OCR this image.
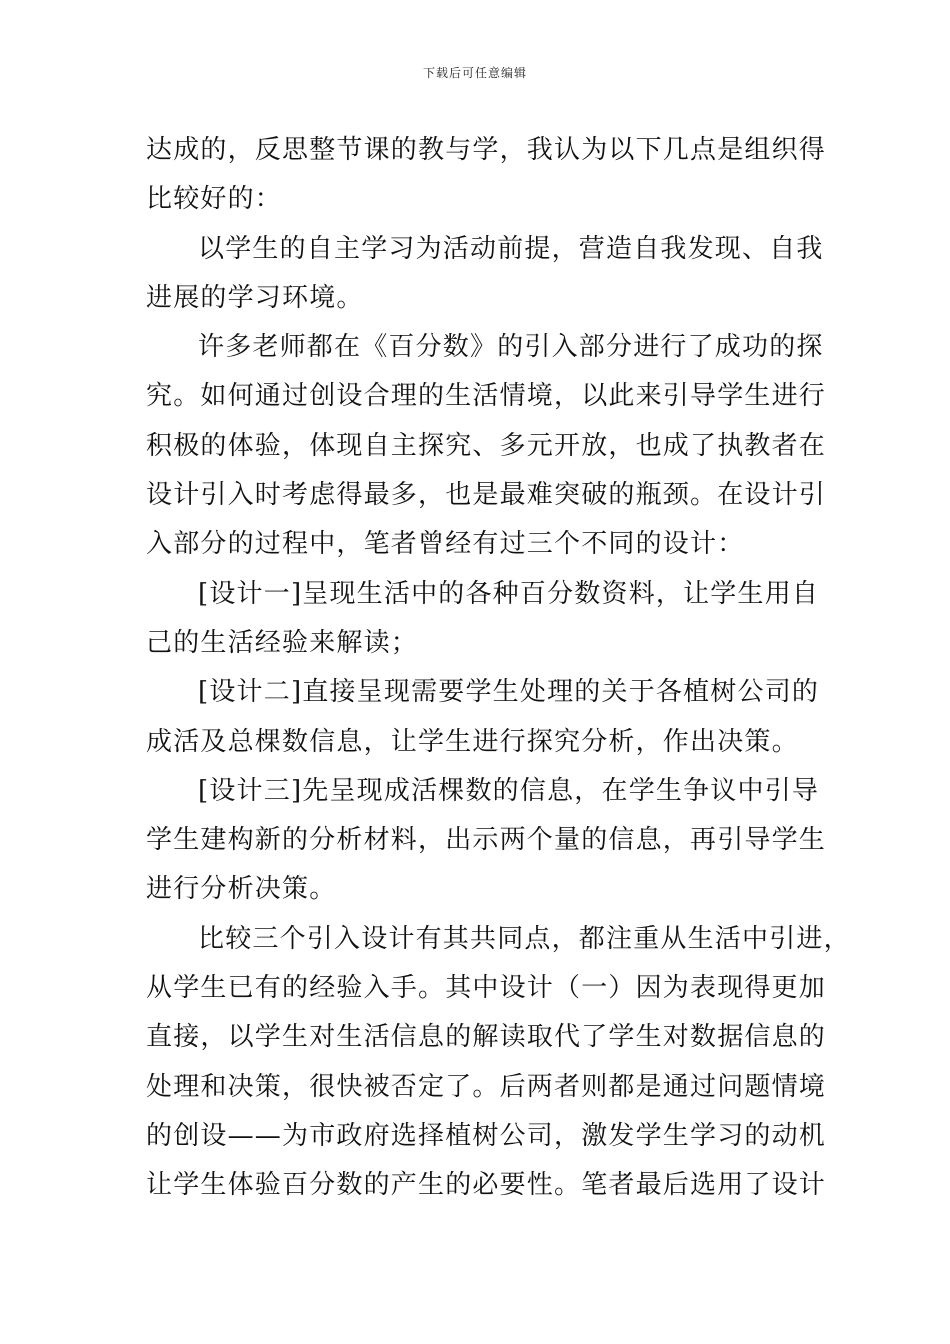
下载后可任意编辑
达成的，反思整节课的教与学，我认为以下几点是组织得
比较好的：
以学生的自主学习为活动前提，营造自我发现、自我
进展的学习环境。
许多老师都在《百分数》的引入部分进行了成功的探
究。如何通过创设合理的生活情境，以此来引导学生进行
积极的体验，体现自主探究、多元开放，也成了执教者在
设计引入时考虑得最多，也是最难突破的瓶颈。在设计引
入部分的过程中，笔者曾经有过三个不同的设计：
[设计一]呈现生活中的各种百分数资料，让学生用自
己的生活经验来解读；
[设计二]直接呈现需要学生处理的关于各植树公司的
成活及总棵数信息，让学生进行探究分析，作出决策。
[设计三]先呈现成活棵数的信息，在学生争议中引导
学生建构新的分析材料，出示两个量的信息，再引导学生
进行分析决策。
比较三个引入设计有其共同点，都注重从生活中引进，
从学生已有的经验入手。其中设计（一）因为表现得更加
直接，以学生对生活信息的解读取代了学生对数据信息的
处理和决策，很快被否定了。后两者则都是通过问题情境
的创设——为市政府选择植树公司，激发学生学习的动机
让学生体验百分数的产生的必要性。笔者最后选用了设计
